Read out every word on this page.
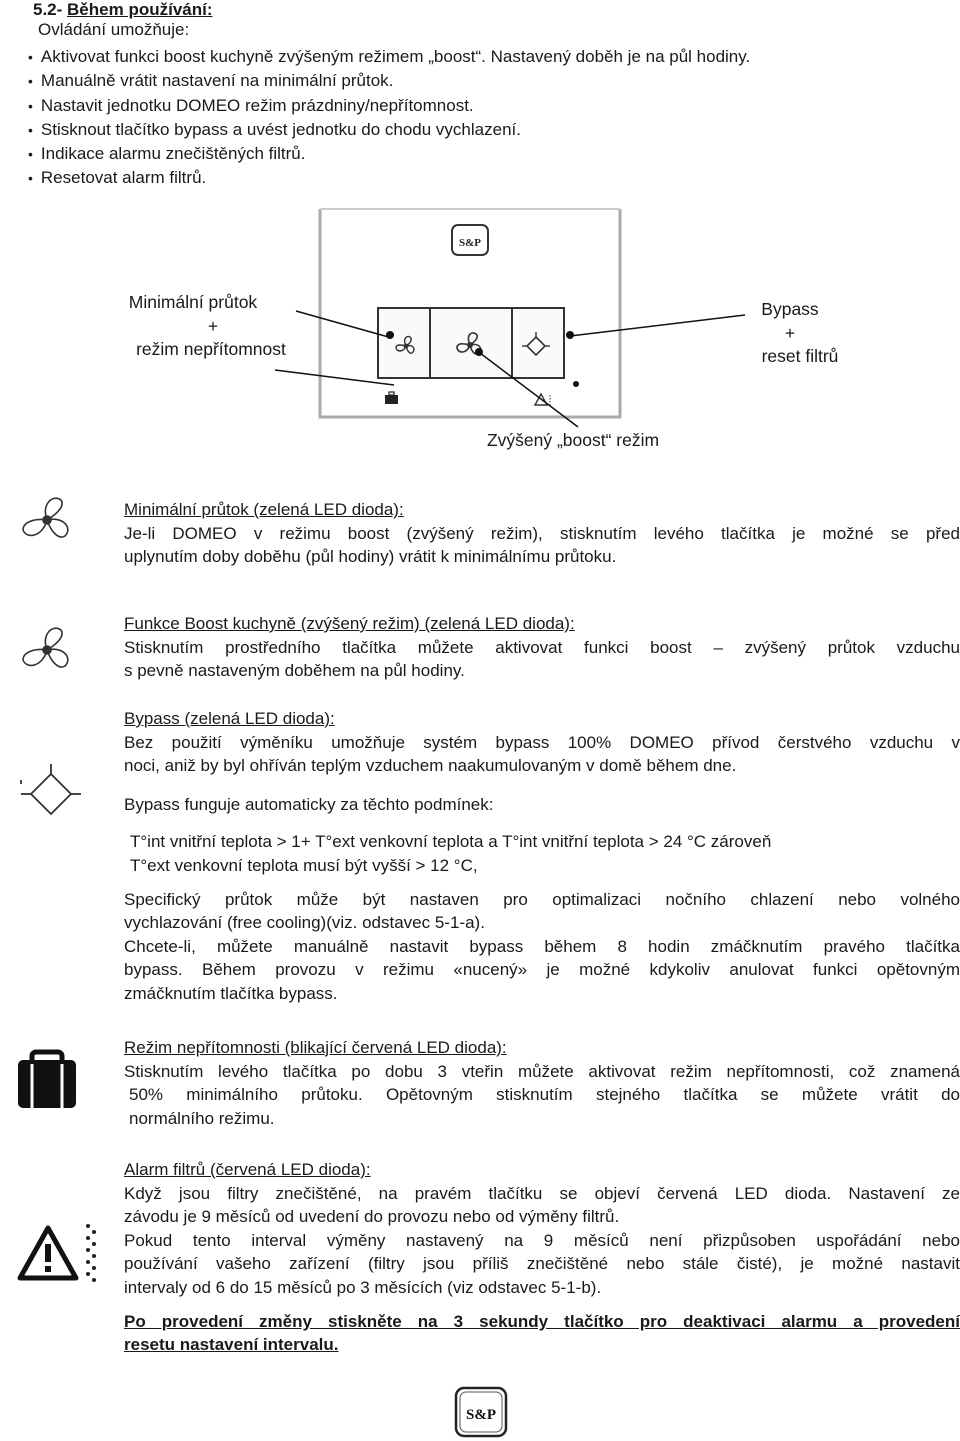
5.2- Během používání:
Ovládání umožňuje:
• Aktivovat funkci boost kuchyně zvýšeným režimem „boost“. Nastavený doběh je na půl hodiny.
• Manuálně vrátit nastavení na minimální průtok.
• Nastavit jednotku DOMEO režim prázdniny/nepřítomnost.
• Stisknout tlačítko bypass a uvést jednotku do chodu vychlazení.
• Indikace alarmu znečištěných filtrů.
• Resetovat alarm filtrů.
S&P
Minimální průtok
+
režim nepřítomnost
Bypass
+
reset filtrů
Zvýšený „boost“ režim

Minimální průtok (zelená LED dioda):

Je-li DOMEO v režimu boost (zvýšený režim), stisknutím levého tlačítka je možné se před

uplynutím doby doběhu (půl hodiny) vrátit k minimálnímu průtoku.

Funkce Boost kuchyně (zvýšený režim) (zelená LED dioda):

Stisknutím prostředního tlačítka můžete aktivovat funkci boost – zvýšený průtok vzduchu

s pevně nastaveným doběhem na půl hodiny.

Bypass (zelená LED dioda):

Bez použití výměníku umožňuje systém bypass 100% DOMEO přívod čerstvého vzduchu v

noci, aniž by byl ohříván teplým vzduchem naakumulovaným v domě během dne.

Bypass funguje automaticky za těchto podmínek:

T°int vnitřní teplota > 1+ T°ext venkovní teplota a T°int vnitřní teplota > 24 °C zároveň

T°ext venkovní teplota musí být vyšší > 12 °C,

Specifický průtok může být nastaven pro optimalizaci nočního chlazení nebo volného

vychlazování (free cooling)(viz. odstavec 5-1-a).

Chcete-li, můžete manuálně nastavit bypass během 8 hodin zmáčknutím pravého tlačítka

bypass. Během provozu v režimu «nucený» je možné kdykoliv anulovat funkci opětovným

zmáčknutím tlačítka bypass.

Režim nepřítomnosti (blikající červená LED dioda):

Stisknutím levého tlačítka po dobu 3 vteřin můžete aktivovat režim nepřítomnosti, což znamená

50% minimálního průtoku. Opětovným stisknutím stejného tlačítka se můžete vrátit do

normálního režimu.

Alarm filtrů (červená LED dioda):

Když jsou filtry znečištěné, na pravém tlačítku se objeví červená LED dioda. Nastavení ze

závodu je 9 měsíců od uvedení do provozu nebo od výměny filtrů.

Pokud tento interval výměny nastavený na 9 měsíců není přizpůsoben uspořádání nebo

používání vašeho zařízení (filtry jsou příliš znečištěné nebo stále čisté), je možné nastavit

intervaly od 6 do 15 měsíců po 3 měsících (viz odstavec 5-1-b).

Po provedení změny stiskněte na 3 sekundy tlačítko pro deaktivaci alarmu a provedení

resetu nastavení intervalu.

S&P
